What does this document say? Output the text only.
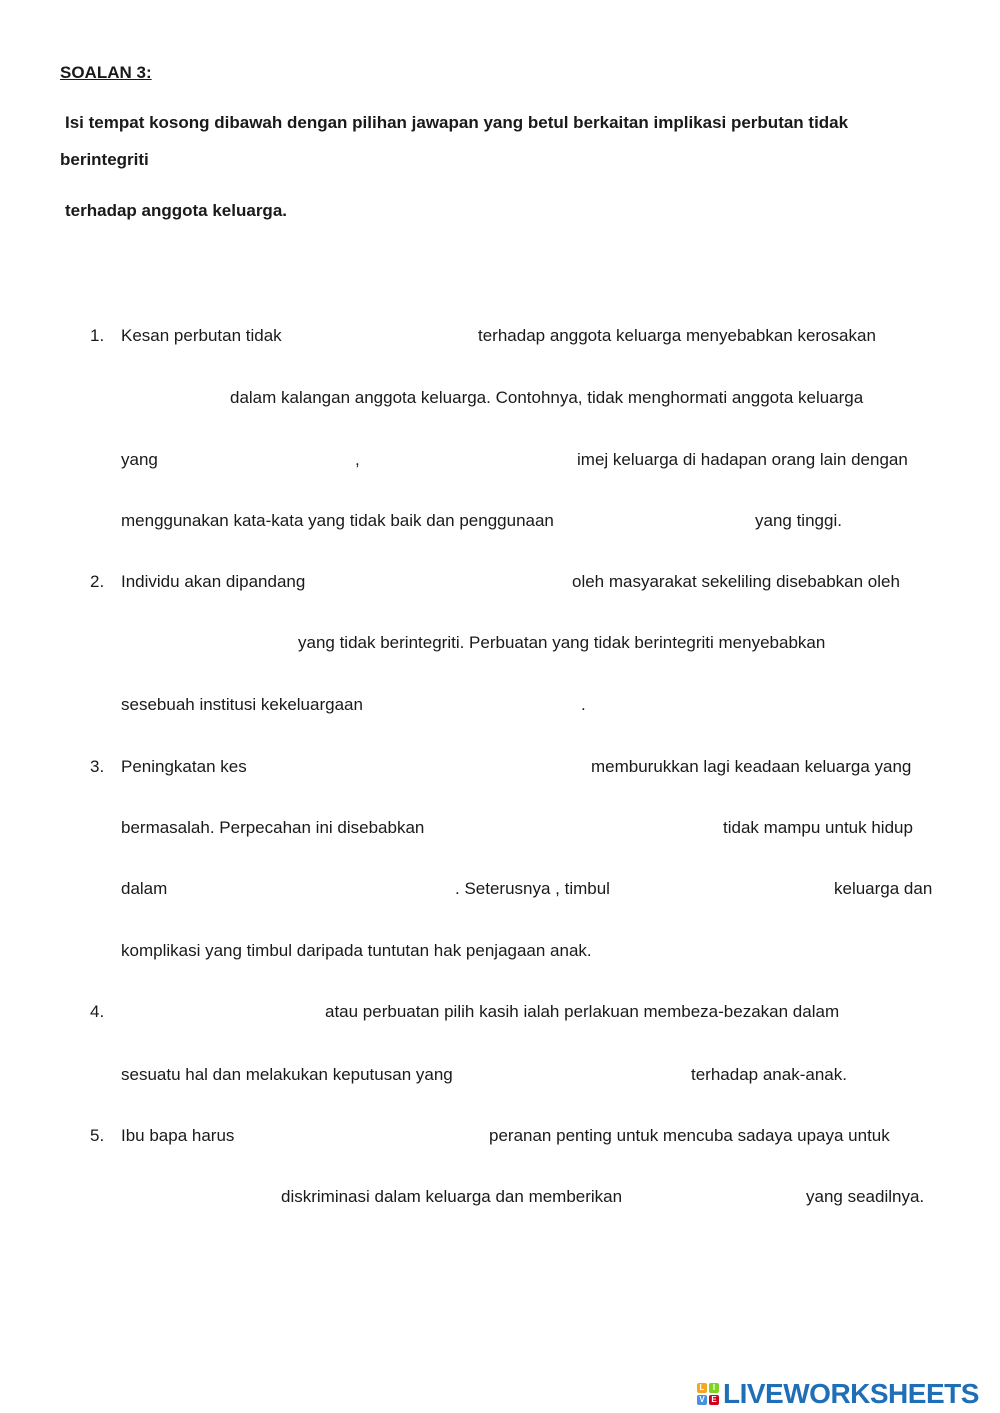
SOALAN 3:
Isi tempat kosong dibawah dengan pilihan jawapan yang betul berkaitan implikasi perbutan tidak
berintegriti
terhadap anggota keluarga.
1. Kesan perbutan tidak	terhadap anggota keluarga menyebabkan kerosakan
dalam kalangan anggota keluarga. Contohnya, tidak menghormati anggota keluarga
yang	,	imej keluarga di hadapan orang lain dengan
menggunakan kata-kata yang tidak baik dan penggunaan	yang tinggi.
2. Individu akan dipandang	oleh masyarakat sekeliling disebabkan oleh
yang tidak berintegriti. Perbuatan yang tidak berintegriti menyebabkan
sesebuah institusi kekeluargaan	.
3. Peningkatan kes	memburukkan lagi keadaan keluarga yang
bermasalah. Perpecahan ini disebabkan	tidak mampu untuk hidup
dalam	. Seterusnya , timbul	keluarga dan
komplikasi yang timbul daripada tuntutan hak penjagaan anak.
4.	atau perbuatan pilih kasih ialah perlakuan membeza-bezakan dalam
sesuatu hal dan melakukan keputusan yang	terhadap anak-anak.
5. Ibu bapa harus	peranan penting untuk mencuba sadaya upaya untuk
diskriminasi dalam keluarga dan memberikan	yang seadilnya.
L	I
V E LIVEWORKSHEETS
